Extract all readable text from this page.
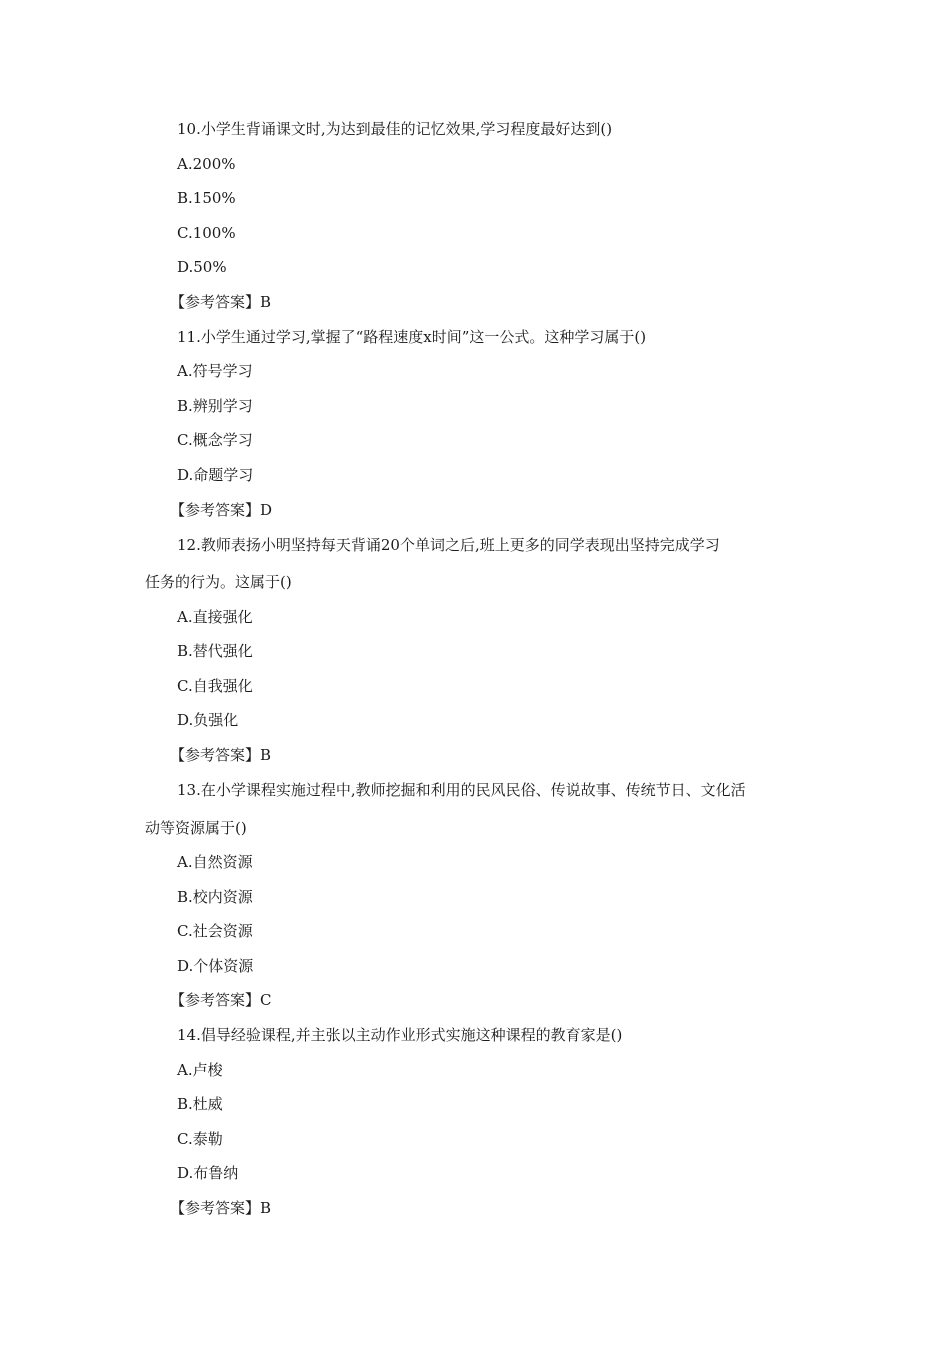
10.小学生背诵课文时,为达到最佳的记忆效果,学习程度最好达到()
A.200%
B.150%
C.100%
D.50%
【参考答案】B
11.小学生通过学习,掌握了“路程速度x时间”这一公式。这种学习属于()
A.符号学习
B.辨别学习
C.概念学习
D.命题学习
【参考答案】D
12.教师表扬小明坚持每天背诵20个单词之后,班上更多的同学表现出坚持完成学习
任务的行为。这属于()
A.直接强化
B.替代强化
C.自我强化
D.负强化
【参考答案】B
13.在小学课程实施过程中,教师挖掘和利用的民风民俗、传说故事、传统节日、文化活
动等资源属于()
A.自然资源
B.校内资源
C.社会资源
D.个体资源
【参考答案】C
14.倡导经验课程,并主张以主动作业形式实施这种课程的教育家是()
A.卢梭
B.杜威
C.泰勒
D.布鲁纳
【参考答案】B
